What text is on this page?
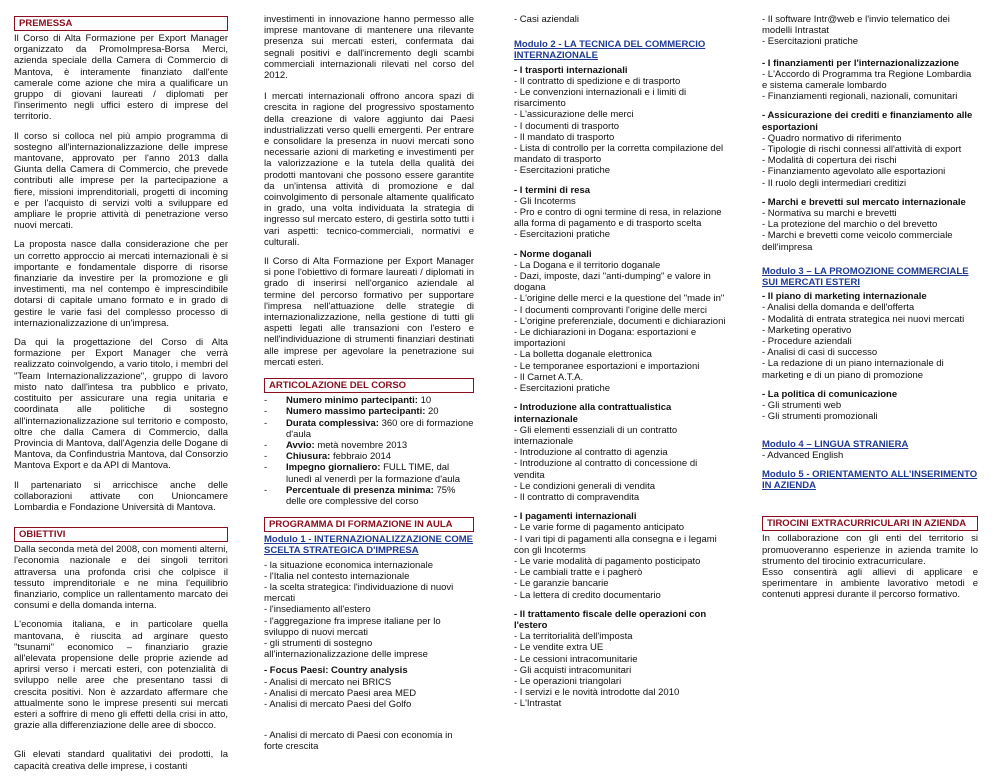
PREMESSA

Il Corso di Alta Formazione per Export Manager organizzato da PromoImpresa-Borsa Merci, azienda speciale della Camera di Commercio di Mantova, è interamente finanziato dall'ente camerale come azione che mira a qualificare un gruppo di giovani laureati / diplomati per l'inserimento negli uffici estero di imprese del territorio.

Il corso si colloca nel più ampio programma di sostegno all'internazionalizzazione delle imprese mantovane, approvato per l'anno 2013 dalla Giunta della Camera di Commercio, che prevede contributi alle imprese per la partecipazione a fiere, missioni imprenditoriali, progetti di incoming e per l'acquisto di servizi volti a sviluppare ed ampliare le proprie attività di penetrazione verso nuovi mercati.

La proposta nasce dalla considerazione che per un corretto approccio ai mercati internazionali è si importante e fondamentale disporre di risorse finanziarie da investire per la promozione e gli investimenti, ma nel contempo è imprescindibile dotarsi di capitale umano formato e in grado di gestire le varie fasi del complesso processo di internazionalizzazione di un'impresa.

Da qui la progettazione del Corso di Alta formazione per Export Manager che verrà realizzato coinvolgendo, a vario titolo, i membri del "Team Internazionalizzazione", gruppo di lavoro misto nato dall'intesa tra pubblico e privato, costituito per assicurare una regia unitaria e coordinata alle politiche di sostegno all'internazionalizzazione sul territorio e composto, oltre che dalla Camera di Commercio, dalla Provincia di Mantova, dall'Agenzia delle Dogane di Mantova, da Confindustria Mantova, dal Consorzio Mantova Export e da API di Mantova.

Il partenariato si arricchisce anche delle collaborazioni attivate con Unioncamere Lombardia e Fondazione Università di Mantova.

OBIETTIVI

Dalla seconda metà del 2008, con momenti alterni, l'economia nazionale e dei singoli territori attraversa una profonda crisi che colpisce il tessuto imprenditoriale e ne mina l'equilibrio finanziario, complice un rallentamento marcato dei consumi e della domanda interna.

L'economia italiana, e in particolare quella mantovana, è riuscita ad arginare questo "tsunami" economico – finanziario grazie all'elevata propensione delle proprie aziende ad aprirsi verso i mercati esteri, con potenzialità di sviluppo nelle aree che presentano tassi di crescita positivi. Non è azzardato affermare che attualmente sono le imprese presenti sui mercati esteri a soffrire di meno gli effetti della crisi in atto, grazie alla differenziazione delle aree di sbocco.

Gli elevati standard qualitativi dei prodotti, la capacità creativa delle imprese, i costanti

investimenti in innovazione hanno permesso alle imprese mantovane di mantenere una rilevante presenza sui mercati esteri, confermata dai segnali positivi e dall'incremento degli scambi commerciali internazionali rilevati nel corso del 2012.

I mercati internazionali offrono ancora spazi di crescita in ragione del progressivo spostamento della creazione di valore aggiunto dai Paesi industrializzati verso quelli emergenti. Per entrare e consolidare la presenza in nuovi mercati sono necessarie azioni di marketing e investimenti per la valorizzazione e la tutela della qualità dei prodotti mantovani che possono essere garantite da un'intensa attività di promozione e dal coinvolgimento di personale altamente qualificato in grado, una volta individuata la strategia di ingresso sul mercato estero, di gestirla sotto tutti i vari aspetti: tecnico-commerciali, normativi e culturali.

Il Corso di Alta Formazione per Export Manager si pone l'obiettivo di formare laureati / diplomati in grado di inserirsi nell'organico aziendale al termine del percorso formativo per supportare l'impresa nell'attuazione delle strategie di internazionalizzazione, nella gestione di tutti gli aspetti legati alle transazioni con l'estero e nell'individuazione di strumenti finanziari destinati alle imprese per agevolare la penetrazione sui mercati esteri.

ARTICOLAZIONE DEL CORSO
-	Numero minimo partecipanti: 10
-	Numero massimo partecipanti: 20
-	Durata complessiva: 360 ore di formazione d'aula
-	Avvio: metà novembre 2013
-	Chiusura: febbraio 2014
-	Impegno giornaliero: FULL TIME, dal lunedì al venerdì per la formazione d'aula
-	Percentuale di presenza minima: 75% delle ore complessive del corso
PROGRAMMA DI FORMAZIONE IN AULA
Modulo 1 - INTERNAZIONALIZZAZIONE COME SCELTA STRATEGICA D'IMPRESA
- la situazione economica internazionale
- l'Italia nel contesto internazionale
- la scelta strategica: l'individuazione di nuovi mercati
- l'insediamento all'estero
- l'aggregazione fra imprese italiane per lo sviluppo di nuovi mercati
- gli strumenti di sostegno all'internazionalizzazione delle imprese
- Focus Paesi: Country analysis
- Analisi di mercato nei BRICS
- Analisi di mercato Paesi area MED
- Analisi di mercato Paesi del Golfo
- Analisi di mercato di Paesi con economia in forte crescita
- Casi aziendali
Modulo 2 - LA TECNICA DEL COMMERCIO INTERNAZIONALE
- I trasporti internazionali
- Il contratto di spedizione e di trasporto
- Le convenzioni internazionali e i limiti di risarcimento
- L'assicurazione delle merci
- I documenti di trasporto
- Il mandato di trasporto
- Lista di controllo per la corretta compilazione del mandato di trasporto
- Esercitazioni pratiche
- I termini di resa
- Gli Incoterms
- Pro e contro di ogni termine di resa, in relazione alla forma di pagamento e di trasporto scelta
- Esercitazioni pratiche
- Norme doganali
- La Dogana e il territorio doganale
- Dazi, imposte, dazi "anti-dumping" e valore in dogana
- L'origine delle merci e la questione del "made in"
- I documenti comprovanti l'origine delle merci
- L'origine preferenziale, documenti e dichiarazioni
- Le dichiarazioni in Dogana: esportazioni e importazioni
- La bolletta doganale elettronica
- Le temporanee esportazioni e importazioni
- Il Carnet A.T.A.
- Esercitazioni pratiche
- Introduzione alla contrattualistica internazionale
- Gli elementi essenziali di un contratto internazionale
- Introduzione al contratto di agenzia
- Introduzione al contratto di concessione di vendita
- Le condizioni generali di vendita
- Il contratto di compravendita
- I pagamenti internazionali
- Le varie forme di pagamento anticipato
- I vari tipi di pagamenti alla consegna e i legami con gli Incoterms
- Le varie modalità di pagamento posticipato
- Le cambiali tratte e i pagherò
- Le garanzie bancarie
- La lettera di credito documentario
- Il trattamento fiscale delle operazioni con l'estero
- La territorialità dell'imposta
- Le vendite extra UE
- Le cessioni intracomunitarie
- Gli acquisti intracomunitari
- Le operazioni triangolari
- I servizi e le novità introdotte dal 2010
- L'Intrastat
- Il software Intr@web e l'invio telematico dei modelli Intrastat
- Esercitazioni pratiche
- I finanziamenti per l'internazionalizzazione
- L'Accordo di Programma tra Regione Lombardia e sistema camerale lombardo
- Finanziamenti regionali, nazionali, comunitari
- Assicurazione dei crediti e finanziamento alle esportazioni
- Quadro normativo di riferimento
- Tipologie di rischi connessi all'attività di export
- Modalità di copertura dei rischi
- Finanziamento agevolato alle esportazioni
- Il ruolo degli intermediari creditizi
- Marchi e brevetti sul mercato internazionale
- Normativa su marchi e brevetti
- La protezione del marchio o del brevetto
- Marchi e brevetti come veicolo commerciale dell'impresa
Modulo 3 – LA PROMOZIONE COMMERCIALE SUI MERCATI ESTERI
- Il piano di marketing internazionale
- Analisi della domanda e dell'offerta
- Modalità di entrata strategica nei nuovi mercati
- Marketing operativo
- Procedure aziendali
- Analisi di casi di successo
- La redazione di un piano internazionale di marketing e di un piano di promozione
- La politica di comunicazione
- Gli strumenti web
- Gli strumenti promozionali
Modulo 4 – LINGUA STRANIERA
- Advanced English
Modulo 5 - ORIENTAMENTO ALL'INSERIMENTO IN AZIENDA
TIROCINI EXTRACURRICULARI IN AZIENDA
In collaborazione con gli enti del territorio si promuoveranno esperienze in azienda tramite lo strumento del tirocinio extracurriculare.
Esso consentirà agli allievi di applicare e sperimentare in ambiente lavorativo metodi e contenuti appresi durante il percorso formativo.
